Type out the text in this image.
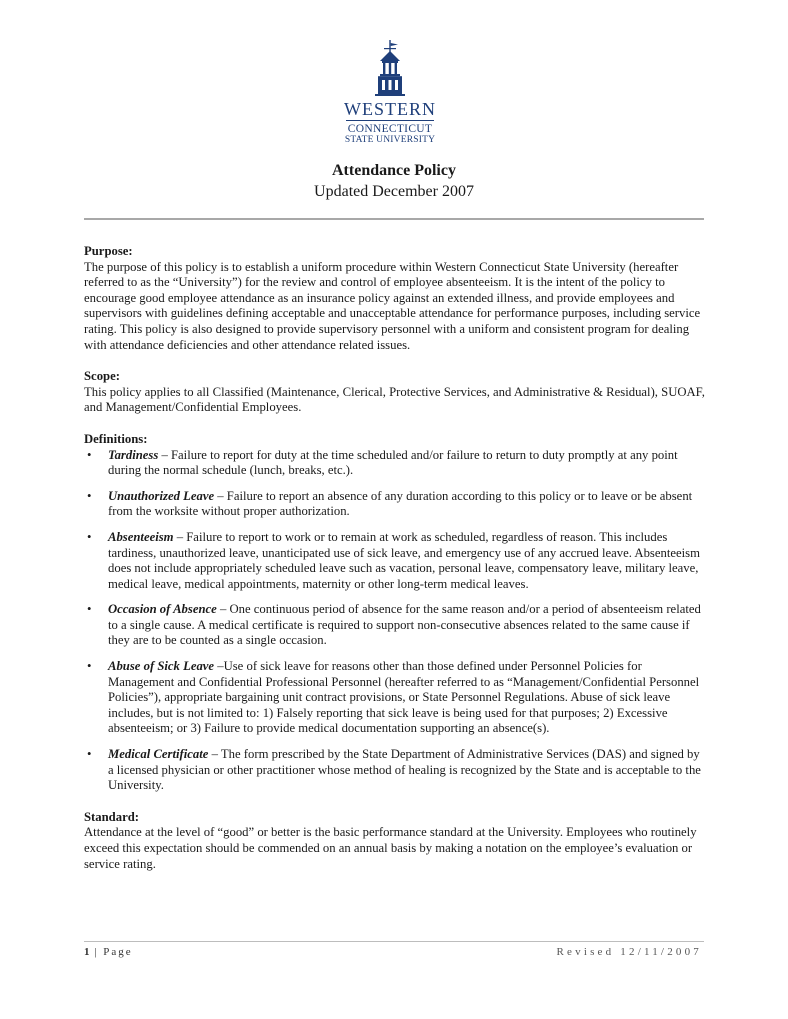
WESTERN
CONNECTICUT
STATE UNIVERSITY
Attendance Policy
Updated December 2007
Purpose:

The purpose of this policy is to establish a uniform procedure within Western Connecticut State University (hereafter referred to as the “University”) for the review and control of employee absenteeism. It is the intent of the policy to encourage good employee attendance as an insurance policy against an extended illness, and provide employees and supervisors with guidelines defining acceptable and unacceptable attendance for performance purposes, including service rating. This policy is also designed to provide supervisory personnel with a uniform and consistent program for dealing with attendance deficiencies and other attendance related issues.

Scope:

This policy applies to all Classified (Maintenance, Clerical, Protective Services, and Administrative & Residual), SUOAF, and Management/Confidential Employees.

Definitions:
• Tardiness – Failure to report for duty at the time scheduled and/or failure to return to duty promptly at any point during the normal schedule (lunch, breaks, etc.).
• Unauthorized Leave – Failure to report an absence of any duration according to this policy or to leave or be absent from the worksite without proper authorization.
• Absenteeism – Failure to report to work or to remain at work as scheduled, regardless of reason. This includes tardiness, unauthorized leave, unanticipated use of sick leave, and emergency use of any accrued leave. Absenteeism does not include appropriately scheduled leave such as vacation, personal leave, compensatory leave, military leave, medical leave, medical appointments, maternity or other long-term medical leaves.
• Occasion of Absence – One continuous period of absence for the same reason and/or a period of absenteeism related to a single cause. A medical certificate is required to support non-consecutive absences related to the same cause if they are to be counted as a single occasion.
• Abuse of Sick Leave –Use of sick leave for reasons other than those defined under Personnel Policies for Management and Confidential Professional Personnel (hereafter referred to as “Management/Confidential Personnel Policies”), appropriate bargaining unit contract provisions, or State Personnel Regulations. Abuse of sick leave includes, but is not limited to: 1) Falsely reporting that sick leave is being used for that purposes; 2) Excessive absenteeism; or 3) Failure to provide medical documentation supporting an absence(s).
• Medical Certificate – The form prescribed by the State Department of Administrative Services (DAS) and signed by a licensed physician or other practitioner whose method of healing is recognized by the State and is acceptable to the University.
Standard:

Attendance at the level of “good” or better is the basic performance standard at the University. Employees who routinely exceed this expectation should be commended on an annual basis by making a notation on the employee’s evaluation or service rating.

1 | Page	Revised 12/11/2007
